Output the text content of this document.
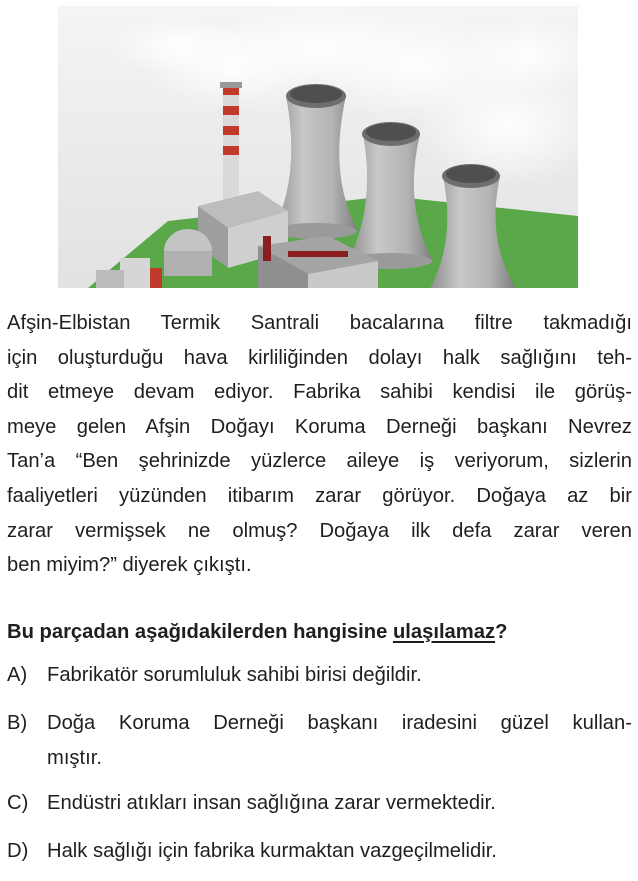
Afşin-Elbistan Termik Santrali bacalarına filtre takmadığı
için oluşturduğu hava kirliliğinden dolayı halk sağlığını teh-
dit etmeye devam ediyor. Fabrika sahibi kendisi ile görüş-
meye gelen Afşin Doğayı Koruma Derneği başkanı Nevrez
Tan’a “Ben şehrinizde yüzlerce aileye iş veriyorum, sizlerin
faaliyetleri yüzünden itibarım zarar görüyor. Doğaya az bir
zarar vermişsek ne olmuş? Doğaya ilk defa zarar veren
ben miyim?” diyerek çıkıştı.
Bu parçadan aşağıdakilerden hangisine ulaşılamaz?
A) Fabrikatör sorumluluk sahibi birisi değildir.
B) Doğa Koruma Derneği başkanı iradesini güzel kullan-
mıştır.
C) Endüstri atıkları insan sağlığına zarar vermektedir.
D) Halk sağlığı için fabrika kurmaktan vazgeçilmelidir.
